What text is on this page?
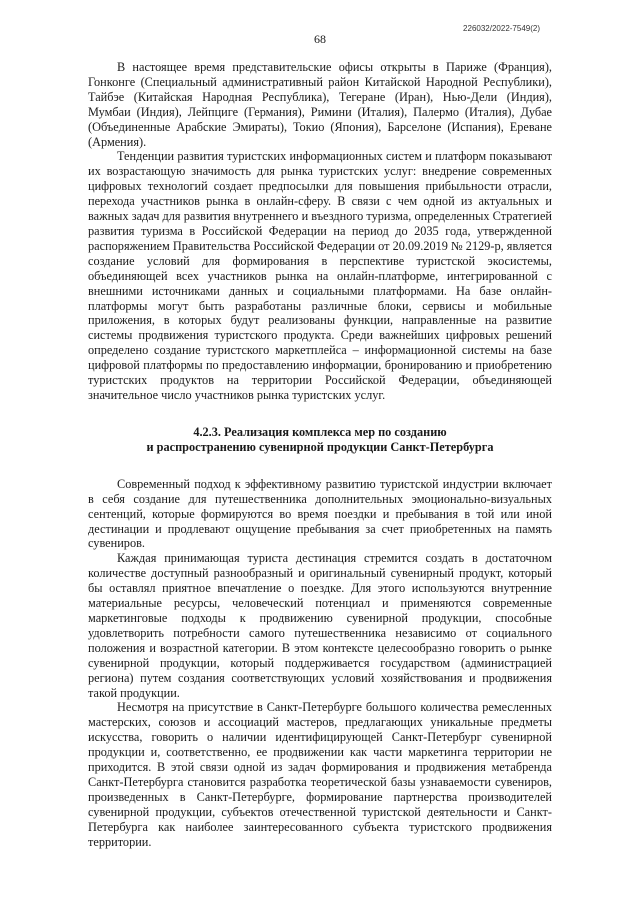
226032/2022-7549(2)
68

В настоящее время представительские офисы открыты в Париже (Франция), Гонконге (Специальный административный район Китайской Народной Республики), Тайбэе (Китайская Народная Республика), Тегеране (Иран), Нью-Дели (Индия), Мумбаи (Индия), Лейпциге (Германия), Римини (Италия), Палермо (Италия), Дубае (Объединенные Арабские Эмираты), Токио (Япония), Барселоне (Испания), Ереване (Армения).

Тенденции развития туристских информационных систем и платформ показывают их возрастающую значимость для рынка туристских услуг: внедрение современных цифровых технологий создает предпосылки для повышения прибыльности отрасли, перехода участников рынка в онлайн-сферу. В связи с чем одной из актуальных и важных задач для развития внутреннего и въездного туризма, определенных Стратегией развития туризма в Российской Федерации на период до 2035 года, утвержденной распоряжением Правительства Российской Федерации от 20.09.2019 № 2129-р, является создание условий для формирования в перспективе туристской экосистемы, объединяющей всех участников рынка на онлайн-платформе, интегрированной с внешними источниками данных и социальными платформами. На базе онлайн-платформы могут быть разработаны различные блоки, сервисы и мобильные приложения, в которых будут реализованы функции, направленные на развитие системы продвижения туристского продукта. Среди важнейших цифровых решений определено создание туристского маркетплейса – информационной системы на базе цифровой платформы по предоставлению информации, бронированию и приобретению туристских продуктов на территории Российской Федерации, объединяющей значительное число участников рынка туристских услуг.

4.2.3. Реализация комплекса мер по созданию
и распространению сувенирной продукции Санкт-Петербурга

Современный подход к эффективному развитию туристской индустрии включает в себя создание для путешественника дополнительных эмоционально-визуальных сентенций, которые формируются во время поездки и пребывания в той или иной дестинации и продлевают ощущение пребывания за счет приобретенных на память сувениров.

Каждая принимающая туриста дестинация стремится создать в достаточном количестве доступный разнообразный и оригинальный сувенирный продукт, который бы оставлял приятное впечатление о поездке. Для этого используются внутренние материальные ресурсы, человеческий потенциал и применяются современные маркетинговые подходы к продвижению сувенирной продукции, способные удовлетворить потребности самого путешественника независимо от социального положения и возрастной категории. В этом контексте целесообразно говорить о рынке сувенирной продукции, который поддерживается государством (администрацией региона) путем создания соответствующих условий хозяйствования и продвижения такой продукции.

Несмотря на присутствие в Санкт-Петербурге большого количества ремесленных мастерских, союзов и ассоциаций мастеров, предлагающих уникальные предметы искусства, говорить о наличии идентифицирующей Санкт-Петербург сувенирной продукции и, соответственно, ее продвижении как части маркетинга территории не приходится. В этой связи одной из задач формирования и продвижения метабренда Санкт-Петербурга становится разработка теоретической базы узнаваемости сувениров, произведенных в Санкт-Петербурге, формирование партнерства производителей сувенирной продукции, субъектов отечественной туристской деятельности и Санкт-Петербурга как наиболее заинтересованного субъекта туристского продвижения территории.
